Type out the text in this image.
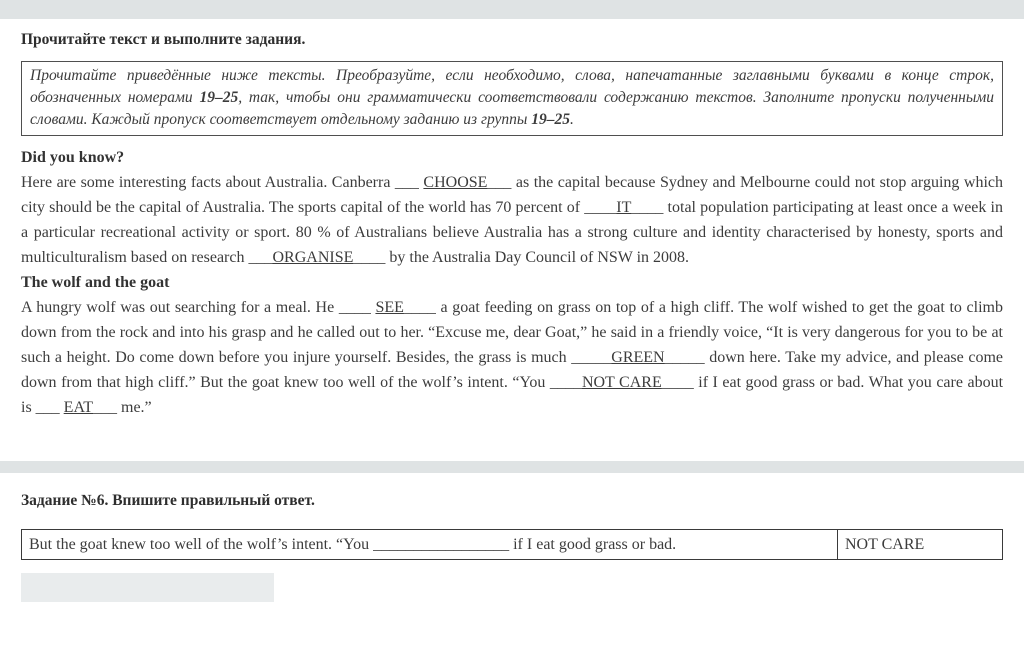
Прочитайте текст и выполните задания.
Прочитайте приведённые ниже тексты. Преобразуйте, если необходимо, слова, напечатанные заглавными буквами в конце строк, обозначенных номерами 19–25, так, чтобы они грамматически соответствовали содержанию текстов. Заполните пропуски полученными словами. Каждый пропуск соответствует отдельному заданию из группы 19–25.
Did you know?

Here are some interesting facts about Australia. Canberra ___ CHOOSE___ as the capital because Sydney and Melbourne could not stop arguing which city should be the capital of Australia. The sports capital of the world has 70 percent of ____IT____ total population participating at least once a week in a particular recreational activity or sport. 80 % of Australians believe Australia has a strong culture and identity characterised by honesty, sports and multiculturalism based on research ___ORGANISE____ by the Australia Day Council of NSW in 2008.

The wolf and the goat

A hungry wolf was out searching for a meal. He ____ SEE____ a goat feeding on grass on top of a high cliff. The wolf wished to get the goat to climb down from the rock and into his grasp and he called out to her. “Excuse me, dear Goat,” he said in a friendly voice, “It is very dangerous for you to be at such a height. Do come down before you injure yourself. Besides, the grass is much _____GREEN_____ down here. Take my advice, and please come down from that high cliff.” But the goat knew too well of the wolf’s intent. “You ____NOT CARE____ if I eat good grass or bad. What you care about is ___ EAT___ me.”

Задание №6. Впишите правильный ответ.
But the goat knew too well of the wolf’s intent. “You _________________ if I eat good grass or bad.	NOT CARE
